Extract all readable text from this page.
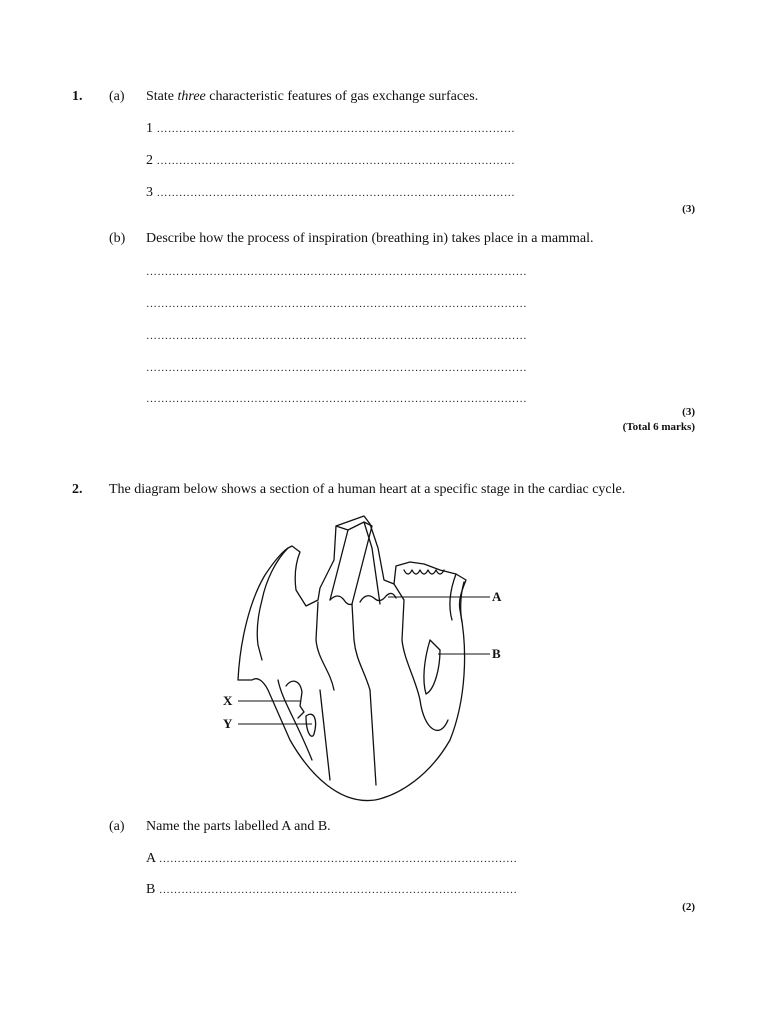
1. (a) State three characteristic features of gas exchange surfaces.
1 ……………………………………………………………………………………
2 ……………………………………………………………………………………
3 ……………………………………………………………………………………
(3)
(b) Describe how the process of inspiration (breathing in) takes place in a mammal.
…………………………………………………………………………………………
…………………………………………………………………………………………
…………………………………………………………………………………………
…………………………………………………………………………………………
…………………………………………………………………………………………
(3)
(Total 6 marks)
2. The diagram below shows a section of a human heart at a specific stage in the cardiac cycle.
A
B
X
Y
(a) Name the parts labelled A and B.
A ……………………………………………………………………………………
B ……………………………………………………………………………………
(2)
